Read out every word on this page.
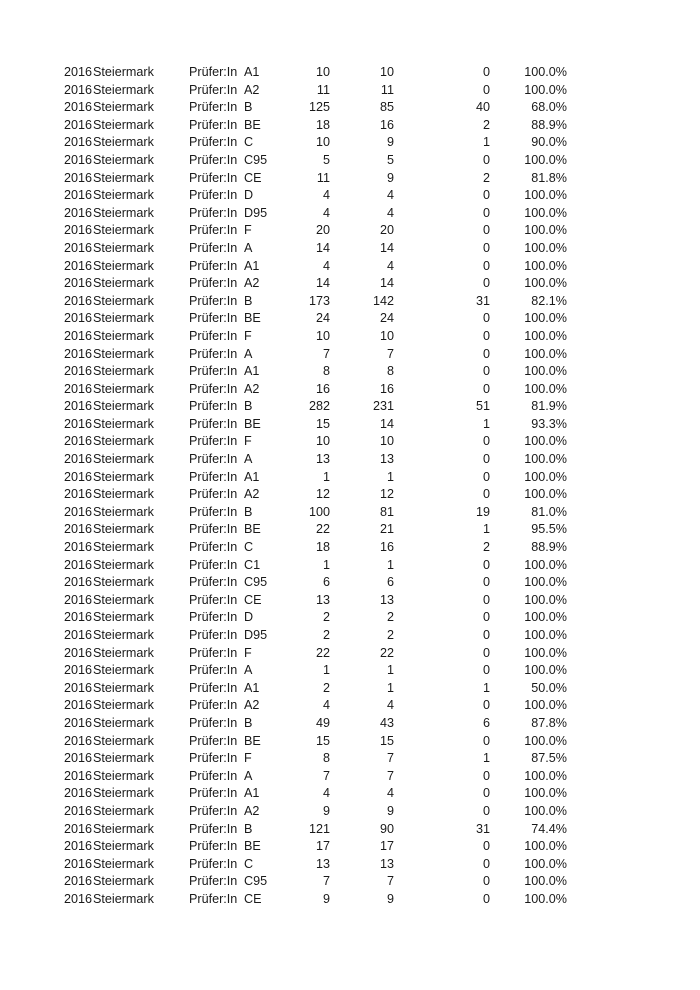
2016 Steiermark	Prüfer:In A1	10	10	0	100.0%
2016 Steiermark	Prüfer:In A2	11	11	0	100.0%
2016 Steiermark	Prüfer:In B	125	85	40	68.0%
2016 Steiermark	Prüfer:In BE	18	16	2	88.9%
2016 Steiermark	Prüfer:In C	10	9	1	90.0%
2016 Steiermark	Prüfer:In C95	5	5	0	100.0%
2016 Steiermark	Prüfer:In CE	11	9	2	81.8%
2016 Steiermark	Prüfer:In D	4	4	0	100.0%
2016 Steiermark	Prüfer:In D95	4	4	0	100.0%
2016 Steiermark	Prüfer:In F	20	20	0	100.0%
2016 Steiermark	Prüfer:In A	14	14	0	100.0%
2016 Steiermark	Prüfer:In A1	4	4	0	100.0%
2016 Steiermark	Prüfer:In A2	14	14	0	100.0%
2016 Steiermark	Prüfer:In B	173	142	31	82.1%
2016 Steiermark	Prüfer:In BE	24	24	0	100.0%
2016 Steiermark	Prüfer:In F	10	10	0	100.0%
2016 Steiermark	Prüfer:In A	7	7	0	100.0%
2016 Steiermark	Prüfer:In A1	8	8	0	100.0%
2016 Steiermark	Prüfer:In A2	16	16	0	100.0%
2016 Steiermark	Prüfer:In B	282	231	51	81.9%
2016 Steiermark	Prüfer:In BE	15	14	1	93.3%
2016 Steiermark	Prüfer:In F	10	10	0	100.0%
2016 Steiermark	Prüfer:In A	13	13	0	100.0%
2016 Steiermark	Prüfer:In A1	1	1	0	100.0%
2016 Steiermark	Prüfer:In A2	12	12	0	100.0%
2016 Steiermark	Prüfer:In B	100	81	19	81.0%
2016 Steiermark	Prüfer:In BE	22	21	1	95.5%
2016 Steiermark	Prüfer:In C	18	16	2	88.9%
2016 Steiermark	Prüfer:In C1	1	1	0	100.0%
2016 Steiermark	Prüfer:In C95	6	6	0	100.0%
2016 Steiermark	Prüfer:In CE	13	13	0	100.0%
2016 Steiermark	Prüfer:In D	2	2	0	100.0%
2016 Steiermark	Prüfer:In D95	2	2	0	100.0%
2016 Steiermark	Prüfer:In F	22	22	0	100.0%
2016 Steiermark	Prüfer:In A	1	1	0	100.0%
2016 Steiermark	Prüfer:In A1	2	1	1	50.0%
2016 Steiermark	Prüfer:In A2	4	4	0	100.0%
2016 Steiermark	Prüfer:In B	49	43	6	87.8%
2016 Steiermark	Prüfer:In BE	15	15	0	100.0%
2016 Steiermark	Prüfer:In F	8	7	1	87.5%
2016 Steiermark	Prüfer:In A	7	7	0	100.0%
2016 Steiermark	Prüfer:In A1	4	4	0	100.0%
2016 Steiermark	Prüfer:In A2	9	9	0	100.0%
2016 Steiermark	Prüfer:In B	121	90	31	74.4%
2016 Steiermark	Prüfer:In BE	17	17	0	100.0%
2016 Steiermark	Prüfer:In C	13	13	0	100.0%
2016 Steiermark	Prüfer:In C95	7	7	0	100.0%
2016 Steiermark	Prüfer:In CE	9	9	0	100.0%
